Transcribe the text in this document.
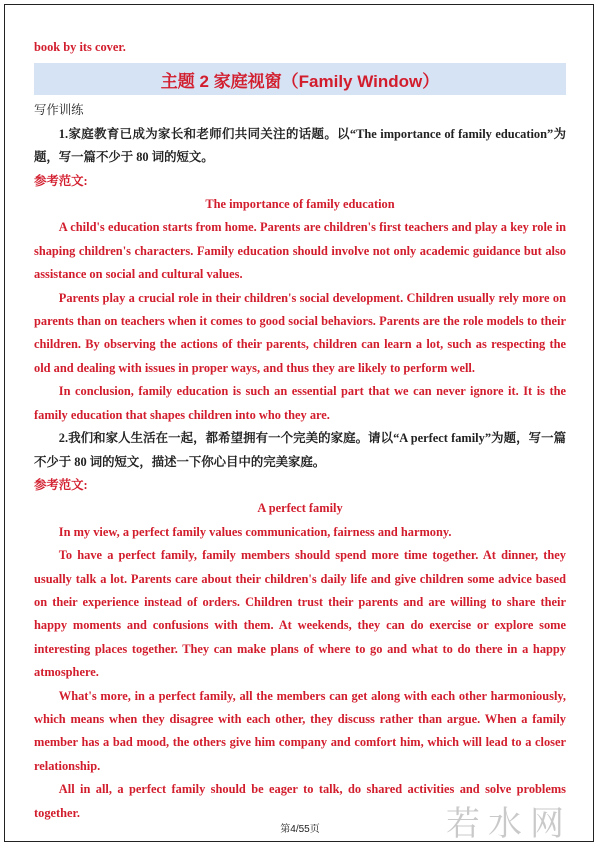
book by its cover.

主题 2 家庭视窗（Family Window）

写作训练

1.家庭教育已成为家长和老师们共同关注的话题。以“The importance of family education”为题，写一篇不少于 80 词的短文。

参考范文:

The importance of family education

A child's education starts from home. Parents are children's first teachers and play a key role in shaping children's characters. Family education should involve not only academic guidance but also assistance on social and cultural values.

Parents play a crucial role in their children's social development. Children usually rely more on parents than on teachers when it comes to good social behaviors. Parents are the role models to their children. By observing the actions of their parents, children can learn a lot, such as respecting the old and dealing with issues in proper ways, and thus they are likely to perform well.

In conclusion, family education is such an essential part that we can never ignore it. It is the family education that shapes children into who they are.

2.我们和家人生活在一起，都希望拥有一个完美的家庭。请以“A perfect family”为题，写一篇不少于 80 词的短文，描述一下你心目中的完美家庭。

参考范文:

A perfect family

In my view, a perfect family values communication, fairness and harmony.

To have a perfect family, family members should spend more time together. At dinner, they usually talk a lot. Parents care about their children's daily life and give children some advice based on their experience instead of orders. Children trust their parents and are willing to share their happy moments and confusions with them. At weekends, they can do exercise or explore some interesting places together. They can make plans of where to go and what to do there in a happy atmosphere.

What's more, in a perfect family, all the members can get along with each other harmoniously, which means when they disagree with each other, they discuss rather than argue. When a family member has a bad mood, the others give him company and comfort him, which will lead to a closer relationship.

All in all, a perfect family should be eager to talk, do shared activities and solve problems together.

第4/55页	若水网
